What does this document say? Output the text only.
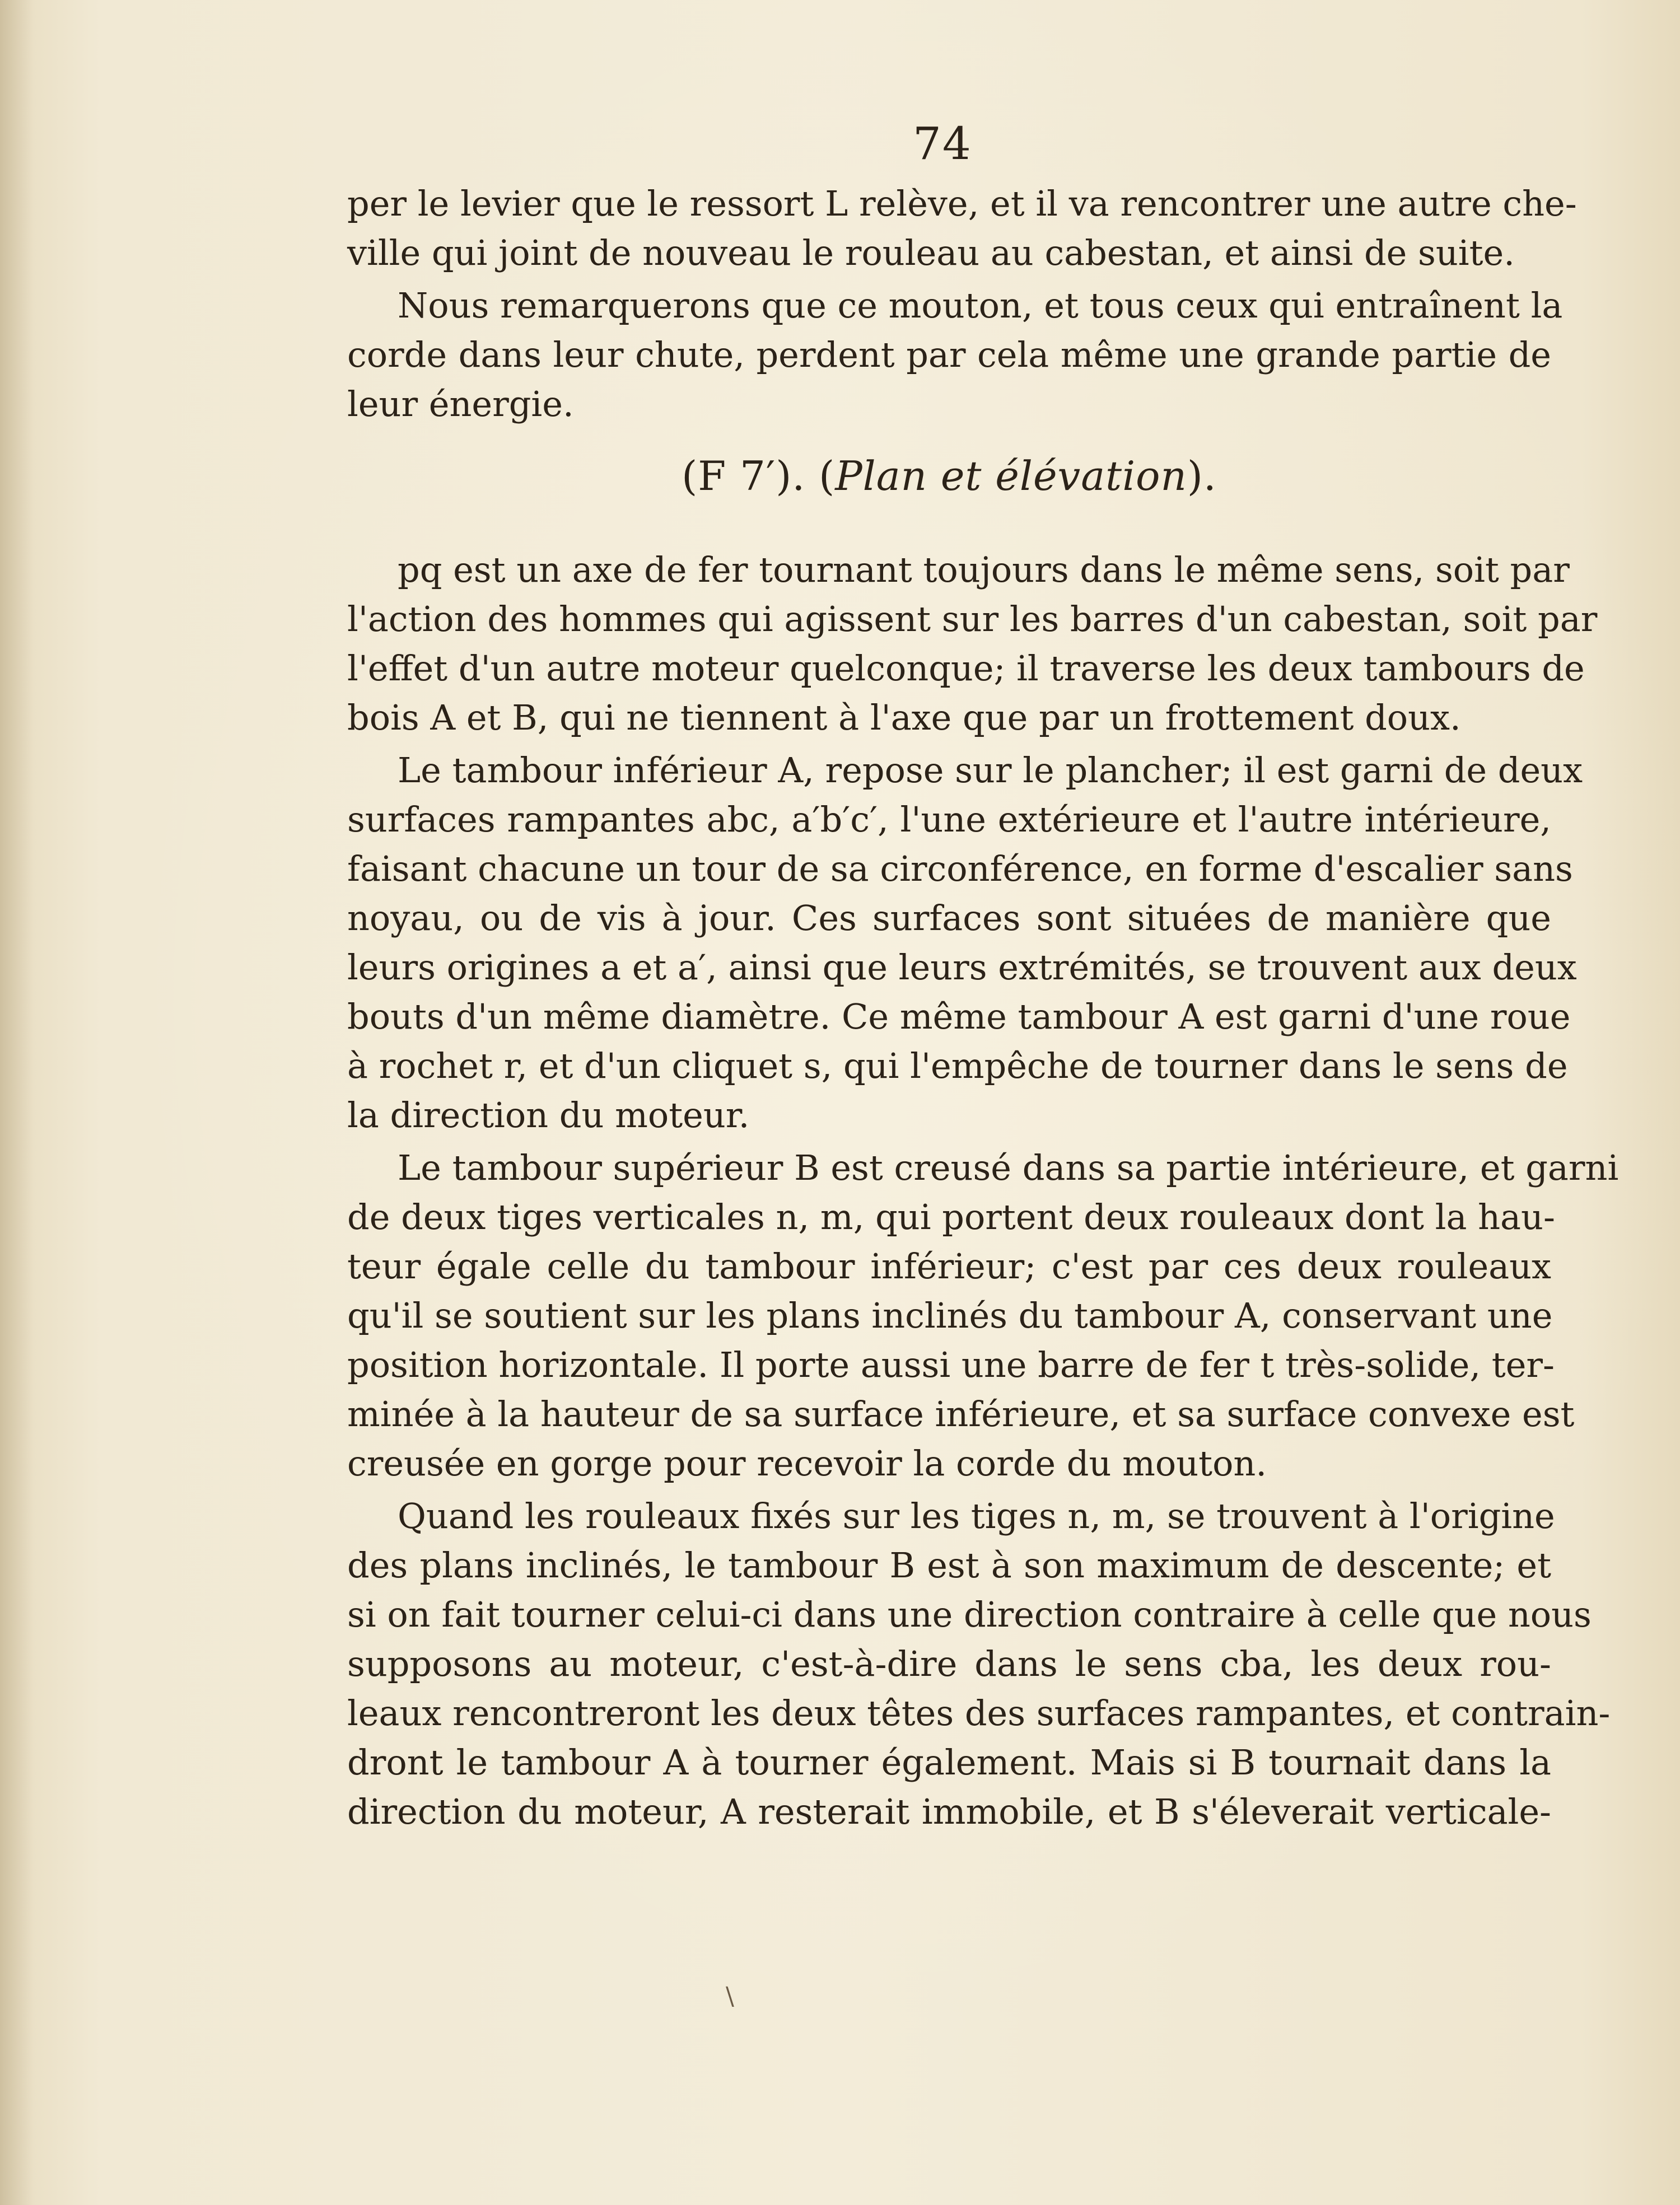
74
per le levier que le ressort L relève, et il va rencontrer une autre che-
ville qui joint de nouveau le rouleau au cabestan, et ainsi de suite.
Nous remarquerons que ce mouton, et tous ceux qui entraînent la
corde dans leur chute, perdent par cela même une grande partie de
leur énergie.
(F 7′). (Plan et élévation).
pq est un axe de fer tournant toujours dans le même sens, soit par
l'action des hommes qui agissent sur les barres d'un cabestan, soit par
l'effet d'un autre moteur quelconque; il traverse les deux tambours de
bois A et B, qui ne tiennent à l'axe que par un frottement doux.
Le tambour inférieur A, repose sur le plancher; il est garni de deux
surfaces rampantes abc, a′b′c′, l'une extérieure et l'autre intérieure,
faisant chacune un tour de sa circonférence, en forme d'escalier sans
noyau, ou de vis à jour. Ces surfaces sont situées de manière que
leurs origines a et a′, ainsi que leurs extrémités, se trouvent aux deux
bouts d'un même diamètre. Ce même tambour A est garni d'une roue
à rochet r, et d'un cliquet s, qui l'empêche de tourner dans le sens de
la direction du moteur.
Le tambour supérieur B est creusé dans sa partie intérieure, et garni
de deux tiges verticales n, m, qui portent deux rouleaux dont la hau-
teur égale celle du tambour inférieur; c'est par ces deux rouleaux
qu'il se soutient sur les plans inclinés du tambour A, conservant une
position horizontale. Il porte aussi une barre de fer t très-solide, ter-
minée à la hauteur de sa surface inférieure, et sa surface convexe est
creusée en gorge pour recevoir la corde du mouton.
Quand les rouleaux fixés sur les tiges n, m, se trouvent à l'origine
des plans inclinés, le tambour B est à son maximum de descente; et
si on fait tourner celui-ci dans une direction contraire à celle que nous
supposons au moteur, c'est-à-dire dans le sens cba, les deux rou-
leaux rencontreront les deux têtes des surfaces rampantes, et contrain-
dront le tambour A à tourner également. Mais si B tournait dans la
direction du moteur, A resterait immobile, et B s'éleverait verticale-
\
